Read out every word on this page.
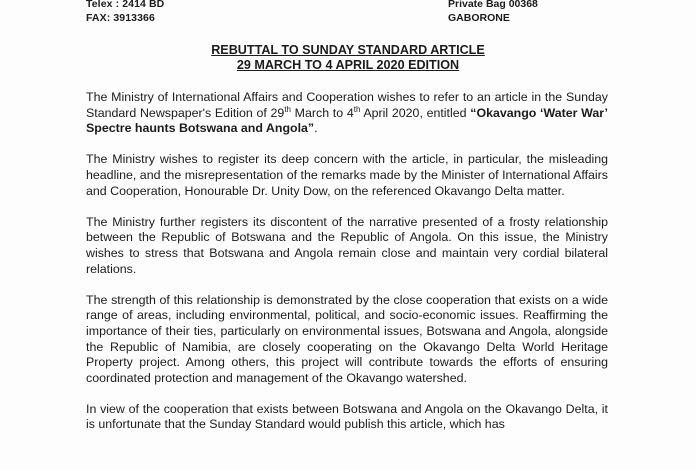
Telex : 2414 BD
FAX: 3913366
Private Bag 00368
GABORONE
REBUTTAL TO SUNDAY STANDARD ARTICLE
29 MARCH TO 4 APRIL 2020 EDITION

The Ministry of International Affairs and Cooperation wishes to refer to an article in the Sunday Standard Newspaper's Edition of 29th March to 4th April 2020, entitled “Okavango ‘Water War’ Spectre haunts Botswana and Angola”.

The Ministry wishes to register its deep concern with the article, in particular, the misleading headline, and the misrepresentation of the remarks made by the Minister of International Affairs and Cooperation, Honourable Dr. Unity Dow, on the referenced Okavango Delta matter.

The Ministry further registers its discontent of the narrative presented of a frosty relationship between the Republic of Botswana and the Republic of Angola. On this issue, the Ministry wishes to stress that Botswana and Angola remain close and maintain very cordial bilateral relations.

The strength of this relationship is demonstrated by the close cooperation that exists on a wide range of areas, including environmental, political, and socio-economic issues. Reaffirming the importance of their ties, particularly on environmental issues, Botswana and Angola, alongside the Republic of Namibia, are closely cooperating on the Okavango Delta World Heritage Property project. Among others, this project will contribute towards the efforts of ensuring coordinated protection and management of the Okavango watershed.

In view of the cooperation that exists between Botswana and Angola on the Okavango Delta, it is unfortunate that the Sunday Standard would publish this article, which has
